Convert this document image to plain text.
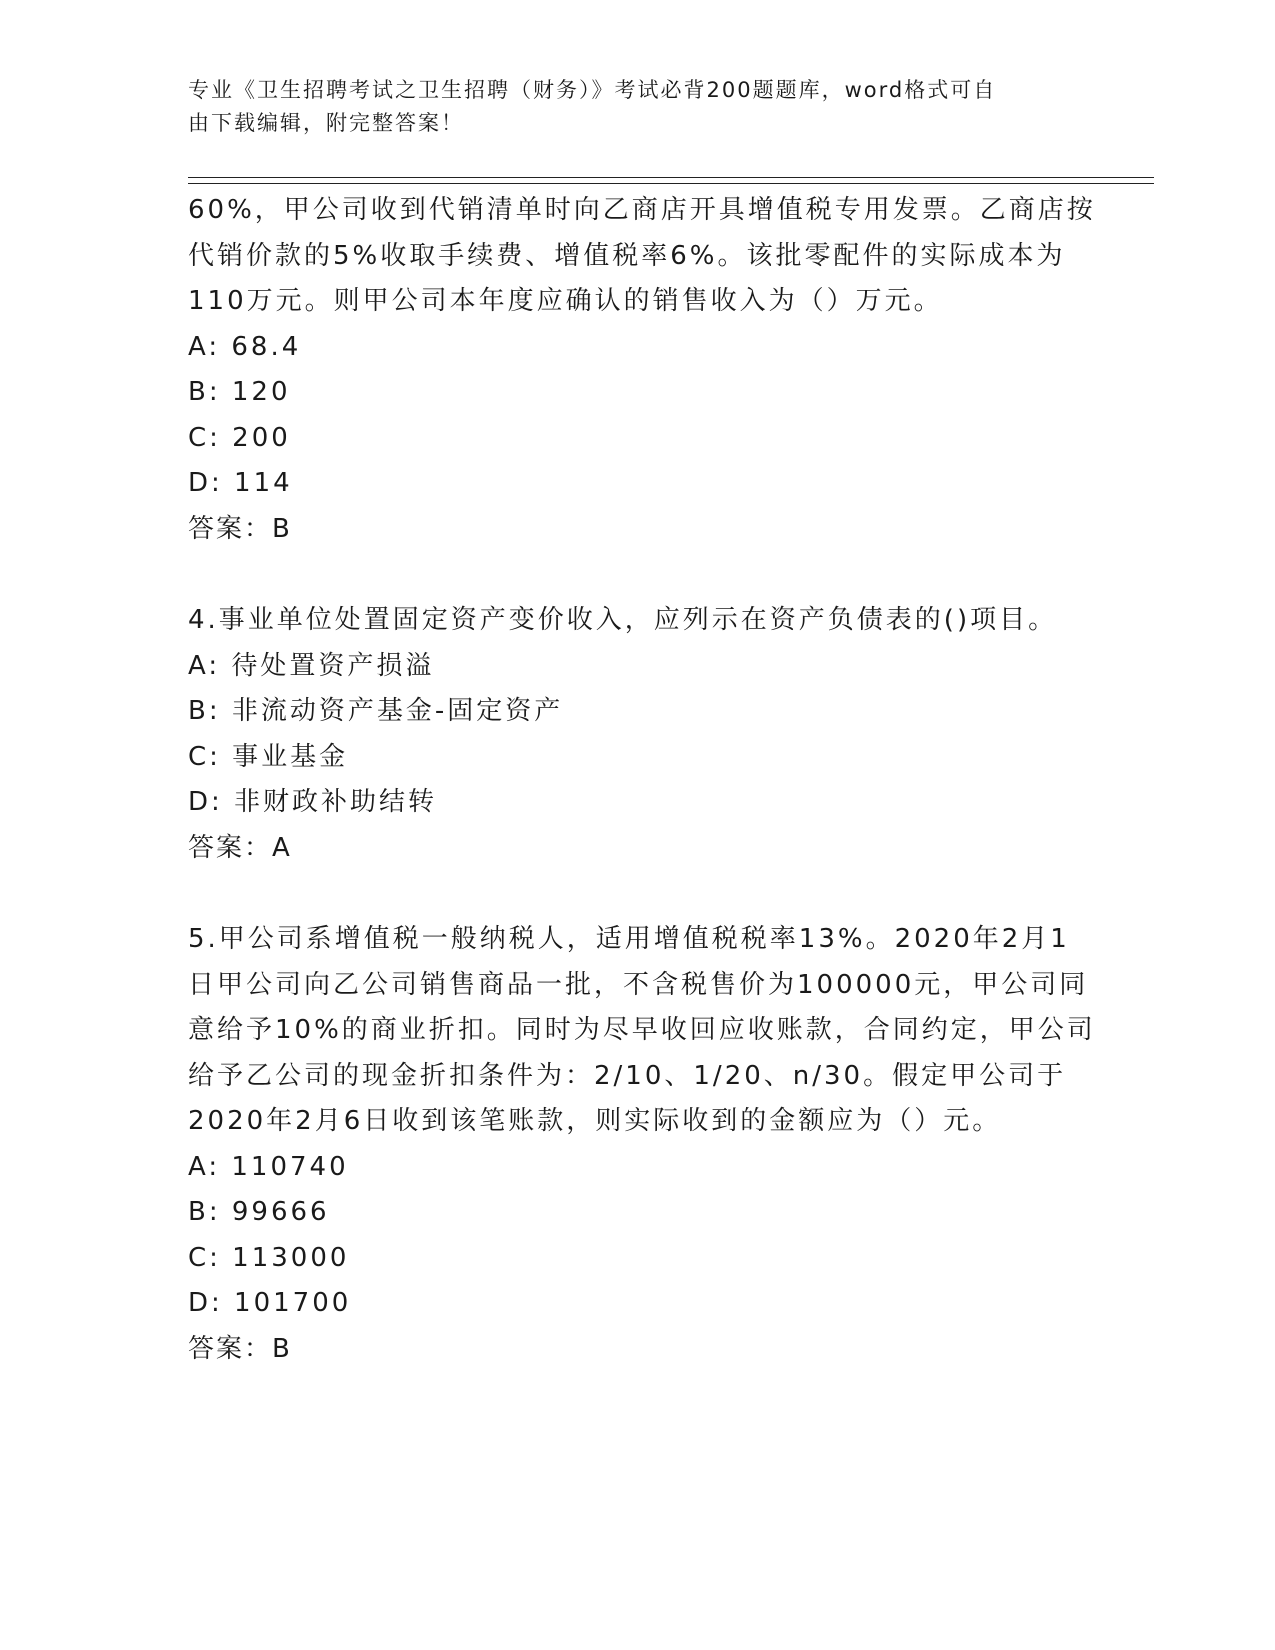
专业《卫生招聘考试之卫生招聘（财务）》考试必背200题题库，word格式可自
由下载编辑，附完整答案！
60%，甲公司收到代销清单时向乙商店开具增值税专用发票。乙商店按
代销价款的5%收取手续费、增值税率6%。该批零配件的实际成本为
110万元。则甲公司本年度应确认的销售收入为（）万元。
A: 68.4
B: 120
C: 200
D: 114
答案：B
4.事业单位处置固定资产变价收入，应列示在资产负债表的()项目。
A: 待处置资产损溢
B: 非流动资产基金-固定资产
C: 事业基金
D: 非财政补助结转
答案：A
5.甲公司系增值税一般纳税人，适用增值税税率13%。2020年2月1
日甲公司向乙公司销售商品一批，不含税售价为100000元，甲公司同
意给予10%的商业折扣。同时为尽早收回应收账款，合同约定，甲公司
给予乙公司的现金折扣条件为：2/10、1/20、n/30。假定甲公司于
2020年2月6日收到该笔账款，则实际收到的金额应为（）元。
A: 110740
B: 99666
C: 113000
D: 101700
答案：B
